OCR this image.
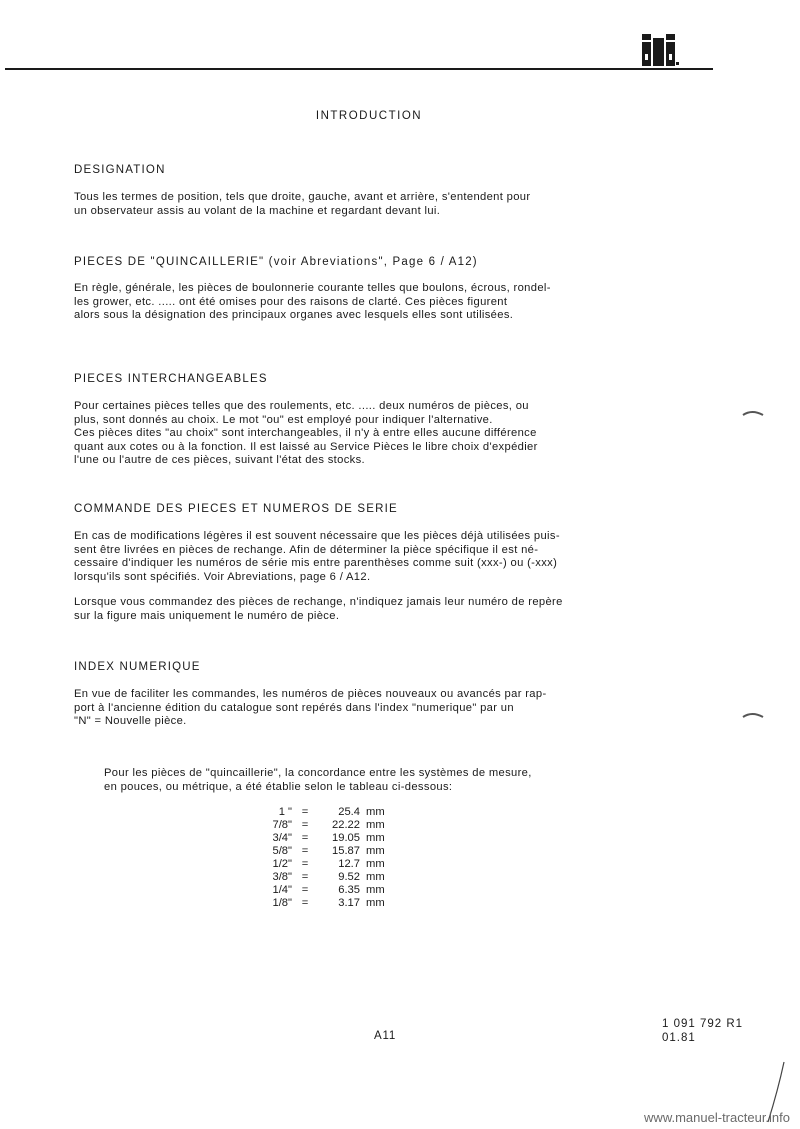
INTRODUCTION
DESIGNATION
Tous les termes de position, tels que droite, gauche, avant et arrière, s'entendent pour
un observateur assis au volant de la machine et regardant devant lui.
PIECES DE "QUINCAILLERIE" (voir Abreviations", Page 6 / A12)
En règle, générale, les pièces de boulonnerie courante telles que boulons, écrous, rondel-
les grower, etc. ..... ont été omises pour des raisons de clarté. Ces pièces figurent
alors sous la désignation des principaux organes avec lesquels elles sont utilisées.
PIECES INTERCHANGEABLES
Pour certaines pièces telles que des roulements, etc. ..... deux numéros de pièces, ou
plus, sont donnés au choix. Le mot "ou" est employé pour indiquer l'alternative.
Ces pièces dites "au choix" sont interchangeables, il n'y à entre elles aucune différence
quant aux cotes ou à la fonction. Il est laissé au Service Pièces le libre choix d'expédier
l'une ou l'autre de ces pièces, suivant l'état des stocks.
COMMANDE DES PIECES ET NUMEROS DE SERIE
En cas de modifications légères il est souvent nécessaire que les pièces déjà utilisées puis-
sent être livrées en pièces de rechange. Afin de déterminer la pièce spécifique il est né-
cessaire d'indiquer les numéros de série mis entre parenthèses comme suit (xxx-) ou (-xxx)
lorsqu'ils sont spécifiés. Voir Abreviations, page 6 / A12.
Lorsque vous commandez des pièces de rechange, n'indiquez jamais leur numéro de repère
sur la figure mais uniquement le numéro de pièce.
INDEX NUMERIQUE
En vue de faciliter les commandes, les numéros de pièces nouveaux ou avancés par rap-
port à l'ancienne édition du catalogue sont repérés dans l'index "numerique" par un
"N" = Nouvelle pièce.
Pour les pièces de "quincaillerie", la concordance entre les systèmes de mesure,
en pouces, ou métrique, a été établie selon le tableau ci-dessous:
1 " =	25.4 mm
7/8" =	22.22 mm
3/4" =	19.05 mm
5/8" =	15.87 mm
1/2" =	12.7 mm
3/8" =	9.52 mm
1/4" =	6.35 mm
1/8" =	3.17 mm
A11
1 091 792 R1
01.81
www.manuel-tracteur.info
